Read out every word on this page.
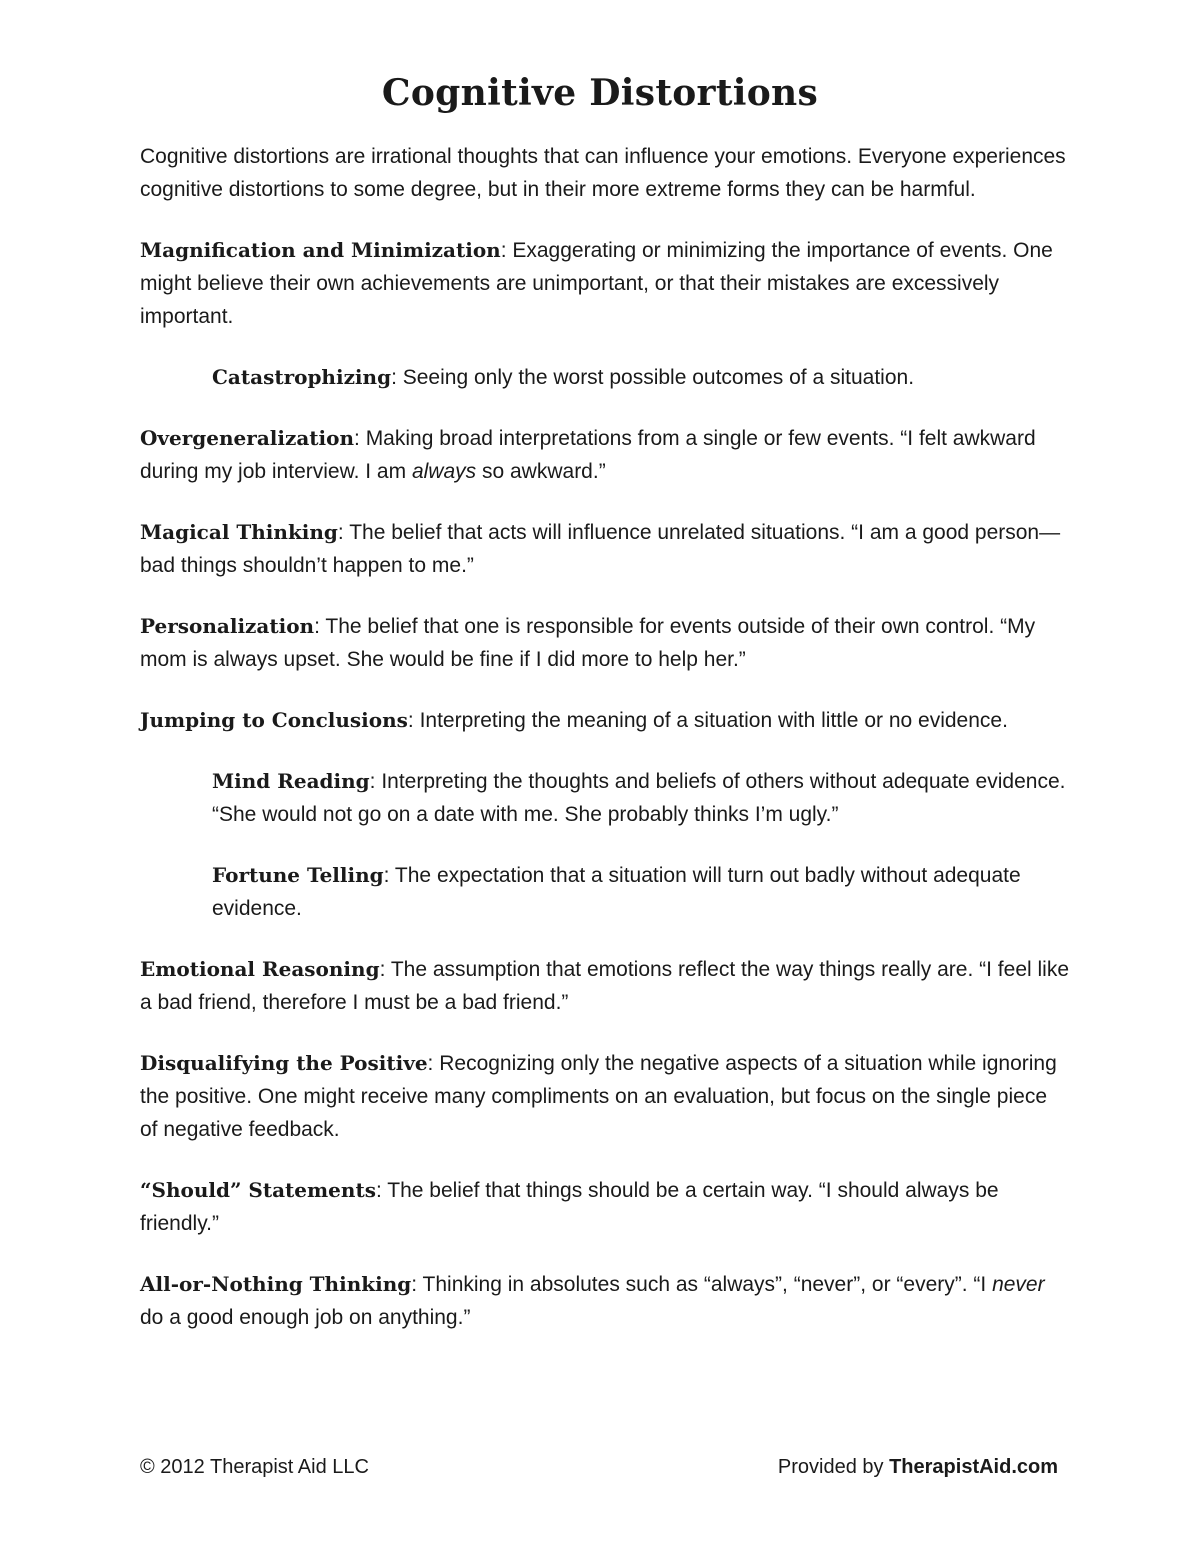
Cognitive Distortions

Cognitive distortions are irrational thoughts that can influence your emotions. Everyone experiences cognitive distortions to some degree, but in their more extreme forms they can be harmful.

Magnification and Minimization: Exaggerating or minimizing the importance of events. One might believe their own achievements are unimportant, or that their mistakes are excessively important.

Catastrophizing: Seeing only the worst possible outcomes of a situation.

Overgeneralization: Making broad interpretations from a single or few events. “I felt awkward during my job interview. I am always so awkward.”

Magical Thinking: The belief that acts will influence unrelated situations. “I am a good person—bad things shouldn’t happen to me.”

Personalization: The belief that one is responsible for events outside of their own control. “My mom is always upset. She would be fine if I did more to help her.”

Jumping to Conclusions: Interpreting the meaning of a situation with little or no evidence.

Mind Reading: Interpreting the thoughts and beliefs of others without adequate evidence. “She would not go on a date with me. She probably thinks I’m ugly.”

Fortune Telling: The expectation that a situation will turn out badly without adequate evidence.

Emotional Reasoning: The assumption that emotions reflect the way things really are. “I feel like a bad friend, therefore I must be a bad friend.”

Disqualifying the Positive: Recognizing only the negative aspects of a situation while ignoring the positive. One might receive many compliments on an evaluation, but focus on the single piece of negative feedback.

“Should” Statements: The belief that things should be a certain way. “I should always be friendly.”

All-or-Nothing Thinking: Thinking in absolutes such as “always”, “never”, or “every”. “I never do a good enough job on anything.”

© 2012 Therapist Aid LLC	Provided by TherapistAid.com
